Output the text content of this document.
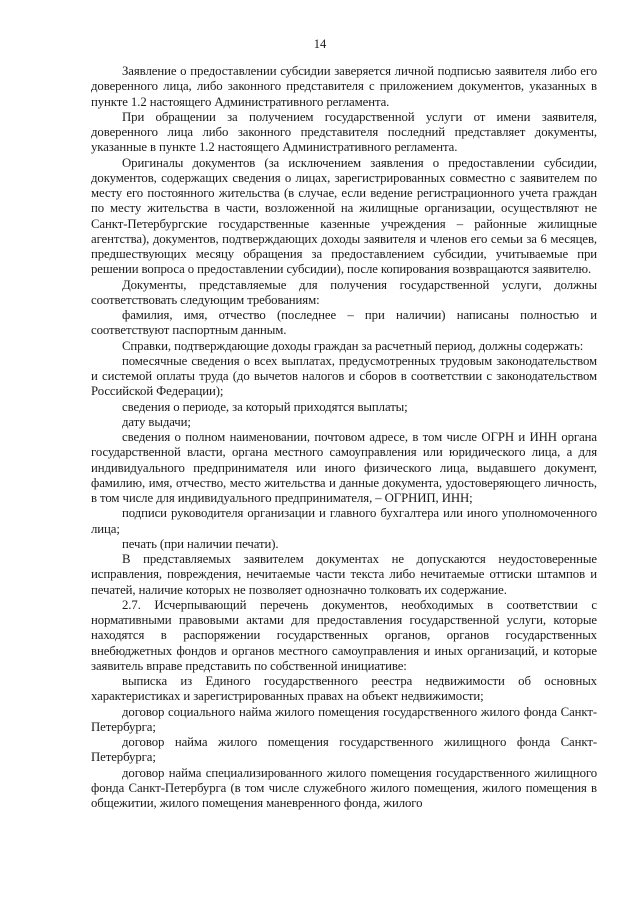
14

Заявление о предоставлении субсидии заверяется личной подписью заявителя либо его доверенного лица, либо законного представителя с приложением документов, указанных в пункте 1.2 настоящего Административного регламента.

При обращении за получением государственной услуги от имени заявителя, доверенного лица либо законного представителя последний представляет документы, указанные в пункте 1.2 настоящего Административного регламента.

Оригиналы документов (за исключением заявления о предоставлении субсидии, документов, содержащих сведения о лицах, зарегистрированных совместно с заявителем по месту его постоянного жительства (в случае, если ведение регистрационного учета граждан по месту жительства в части, возложенной на жилищные организации, осуществляют не Санкт-Петербургские государственные казенные учреждения – районные жилищные агентства), документов, подтверждающих доходы заявителя и членов его семьи за 6 месяцев, предшествующих месяцу обращения за предоставлением субсидии, учитываемые при решении вопроса о предоставлении субсидии), после копирования возвращаются заявителю.

Документы, представляемые для получения государственной услуги, должны соответствовать следующим требованиям:

фамилия, имя, отчество (последнее – при наличии) написаны полностью и соответствуют паспортным данным.

Справки, подтверждающие доходы граждан за расчетный период, должны содержать:

помесячные сведения о всех выплатах, предусмотренных трудовым законодательством и системой оплаты труда (до вычетов налогов и сборов в соответствии с законодательством Российской Федерации);

сведения о периоде, за который приходятся выплаты;

дату выдачи;

сведения о полном наименовании, почтовом адресе, в том числе ОГРН и ИНН органа государственной власти, органа местного самоуправления или юридического лица, а для индивидуального предпринимателя или иного физического лица, выдавшего документ, фамилию, имя, отчество, место жительства и данные документа, удостоверяющего личность, в том числе для индивидуального предпринимателя, – ОГРНИП, ИНН;

подписи руководителя организации и главного бухгалтера или иного уполномоченного лица;

печать (при наличии печати).

В представляемых заявителем документах не допускаются неудостоверенные исправления, повреждения, нечитаемые части текста либо нечитаемые оттиски штампов и печатей, наличие которых не позволяет однозначно толковать их содержание.

2.7. Исчерпывающий перечень документов, необходимых в соответствии с нормативными правовыми актами для предоставления государственной услуги, которые находятся в распоряжении государственных органов, органов государственных внебюджетных фондов и органов местного самоуправления и иных организаций, и которые заявитель вправе представить по собственной инициативе:

выписка из Единого государственного реестра недвижимости об основных характеристиках и зарегистрированных правах на объект недвижимости;

договор социального найма жилого помещения государственного жилого фонда Санкт-Петербурга;

договор найма жилого помещения государственного жилищного фонда Санкт-Петербурга;

договор найма специализированного жилого помещения государственного жилищного фонда Санкт-Петербурга (в том числе служебного жилого помещения, жилого помещения в общежитии, жилого помещения маневренного фонда, жилого
